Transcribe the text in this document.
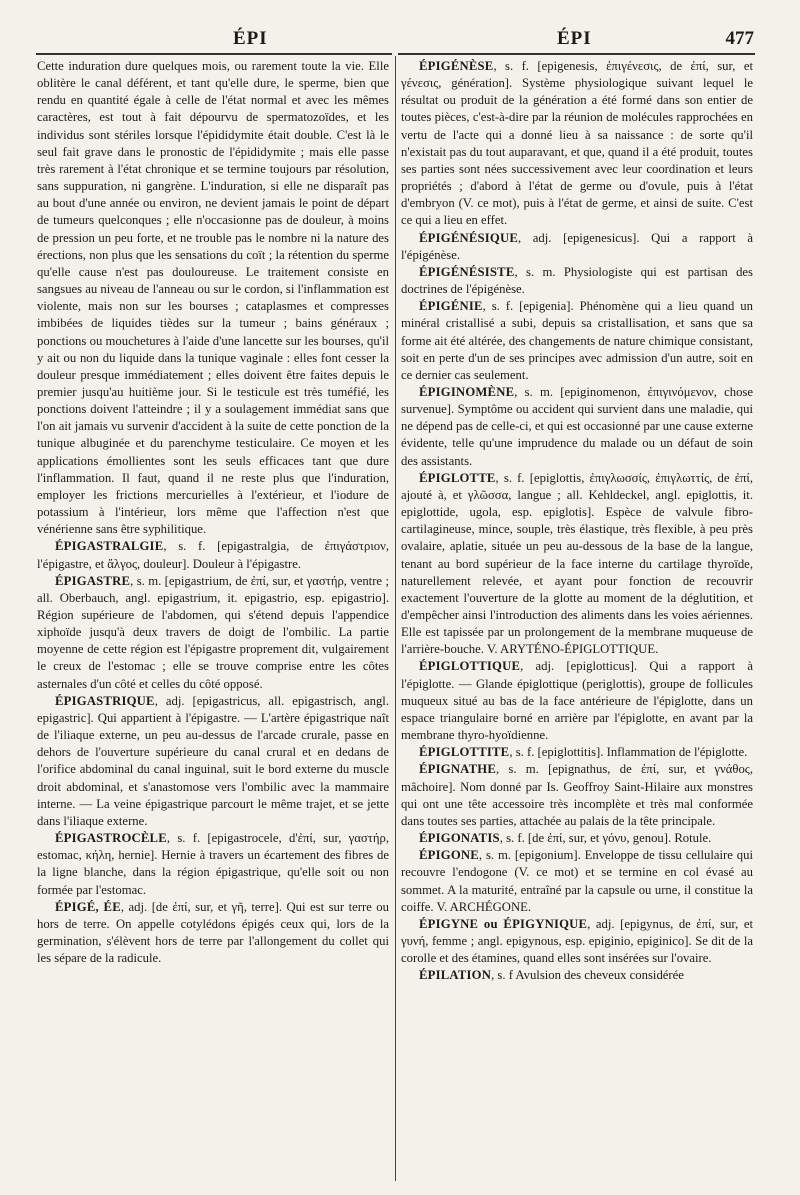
ÉPI	ÉPI	477

Cette induration dure quelques mois, ou rarement toute la vie. Elle oblitère le canal déférent, et tant qu'elle dure, le sperme, bien que rendu en quantité égale à celle de l'état normal et avec les mêmes caractères, est tout à fait dépourvu de spermatozoïdes, et les individus sont stériles lorsque l'épididymite était double. C'est là le seul fait grave dans le pronostic de l'épididymite ; mais elle passe très rarement à l'état chronique et se termine toujours par résolution, sans suppuration, ni gangrène. L'induration, si elle ne disparaît pas au bout d'une année ou environ, ne devient jamais le point de départ de tumeurs quelconques ; elle n'occasionne pas de douleur, à moins de pression un peu forte, et ne trouble pas le nombre ni la nature des érections, non plus que les sensations du coït ; la rétention du sperme qu'elle cause n'est pas douloureuse. Le traitement consiste en sangsues au niveau de l'anneau ou sur le cordon, si l'inflammation est violente, mais non sur les bourses ; cataplasmes et compresses imbibées de liquides tièdes sur la tumeur ; bains généraux ; ponctions ou mouchetures à l'aide d'une lancette sur les bourses, qu'il y ait ou non du liquide dans la tunique vaginale : elles font cesser la douleur presque immédiatement ; elles doivent être faites depuis le premier jusqu'au huitième jour. Si le testicule est très tuméfié, les ponctions doivent l'atteindre ; il y a soulagement immédiat sans que l'on ait jamais vu survenir d'accident à la suite de cette ponction de la tunique albuginée et du parenchyme testiculaire. Ce moyen et les applications émollientes sont les seuls efficaces tant que dure l'inflammation. Il faut, quand il ne reste plus que l'induration, employer les frictions mercurielles à l'extérieur, et l'iodure de potassium à l'intérieur, lors même que l'affection n'est que vénérienne sans être syphilitique.

ÉPIGASTRALGIE, s. f. [epigastralgia, de ἐπιγάστριον, l'épigastre, et ἄλγος, douleur]. Douleur à l'épigastre.

ÉPIGASTRE, s. m. [epigastrium, de ἐπί, sur, et γαστήρ, ventre ; all. Oberbauch, angl. epigastrium, it. epigastrio, esp. epigastrio]. Région supérieure de l'abdomen, qui s'étend depuis l'appendice xiphoïde jusqu'à deux travers de doigt de l'ombilic. La partie moyenne de cette région est l'épigastre proprement dit, vulgairement le creux de l'estomac ; elle se trouve comprise entre les côtes asternales d'un côté et celles du côté opposé.

ÉPIGASTRIQUE, adj. [epigastricus, all. epigastrisch, angl. epigastric]. Qui appartient à l'épigastre. — L'artère épigastrique naît de l'iliaque externe, un peu au-dessus de l'arcade crurale, passe en dehors de l'ouverture supérieure du canal crural et en dedans de l'orifice abdominal du canal inguinal, suit le bord externe du muscle droit abdominal, et s'anastomose vers l'ombilic avec la mammaire interne. — La veine épigastrique parcourt le même trajet, et se jette dans l'iliaque externe.

ÉPIGASTROCÈLE, s. f. [epigastrocele, d'ἐπί, sur, γαστήρ, estomac, κήλη, hernie]. Hernie à travers un écartement des fibres de la ligne blanche, dans la région épigastrique, qu'elle soit ou non formée par l'estomac.

ÉPIGÉ, ÉE, adj. [de ἐπί, sur, et γῆ, terre]. Qui est sur terre ou hors de terre. On appelle cotylédons épigés ceux qui, lors de la germination, s'élèvent hors de terre par l'allongement du collet qui les sépare de la radicule.

ÉPIGÉNÈSE, s. f. [epigenesis, ἐπιγένεσις, de ἐπί, sur, et γένεσις, génération]. Système physiologique suivant lequel le résultat ou produit de la génération a été formé dans son entier de toutes pièces, c'est-à-dire par la réunion de molécules rapprochées en vertu de l'acte qui a donné lieu à sa naissance : de sorte qu'il n'existait pas du tout auparavant, et que, quand il a été produit, toutes ses parties sont nées successivement avec leur coordination et leurs propriétés ; d'abord à l'état de germe ou d'ovule, puis à l'état d'embryon (V. ce mot), puis à l'état de germe, et ainsi de suite. C'est ce qui a lieu en effet.

ÉPIGÉNÉSIQUE, adj. [epigenesicus]. Qui a rapport à l'épigénèse.

ÉPIGÉNÉSISTE, s. m. Physiologiste qui est partisan des doctrines de l'épigénèse.

ÉPIGÉNIE, s. f. [epigenia]. Phénomène qui a lieu quand un minéral cristallisé a subi, depuis sa cristallisation, et sans que sa forme ait été altérée, des changements de nature chimique consistant, soit en perte d'un de ses principes avec admission d'un autre, soit en ce dernier cas seulement.

ÉPIGINOMÈNE, s. m. [epiginomenon, ἐπιγινόμενον, chose survenue]. Symptôme ou accident qui survient dans une maladie, qui ne dépend pas de celle-ci, et qui est occasionné par une cause externe évidente, telle qu'une imprudence du malade ou un défaut de soin des assistants.

ÉPIGLOTTE, s. f. [epiglottis, ἐπιγλωσσίς, ἐπιγλωττίς, de ἐπί, ajouté à, et γλῶσσα, langue ; all. Kehldeckel, angl. epiglottis, it. epiglottide, ugola, esp. epiglotis]. Espèce de valvule fibro-cartilagineuse, mince, souple, très élastique, très flexible, à peu près ovalaire, aplatie, située un peu au-dessous de la base de la langue, tenant au bord supérieur de la face interne du cartilage thyroïde, naturellement relevée, et ayant pour fonction de recouvrir exactement l'ouverture de la glotte au moment de la déglutition, et d'empêcher ainsi l'introduction des aliments dans les voies aériennes. Elle est tapissée par un prolongement de la membrane muqueuse de l'arrière-bouche. V. ARYTÉNO-ÉPIGLOTTIQUE.

ÉPIGLOTTIQUE, adj. [epiglotticus]. Qui a rapport à l'épiglotte. — Glande épiglottique (periglottis), groupe de follicules muqueux situé au bas de la face antérieure de l'épiglotte, dans un espace triangulaire borné en arrière par l'épiglotte, en avant par la membrane thyro-hyoïdienne.

ÉPIGLOTTITE, s. f. [epiglottitis]. Inflammation de l'épiglotte.

ÉPIGNATHE, s. m. [epignathus, de ἐπί, sur, et γνάθος, mâchoire]. Nom donné par Is. Geoffroy Saint-Hilaire aux monstres qui ont une tête accessoire très incomplète et très mal conformée dans toutes ses parties, attachée au palais de la tête principale.

ÉPIGONATIS, s. f. [de ἐπί, sur, et γόνυ, genou]. Rotule.

ÉPIGONE, s. m. [epigonium]. Enveloppe de tissu cellulaire qui recouvre l'endogone (V. ce mot) et se termine en col évasé au sommet. A la maturité, entraîné par la capsule ou urne, il constitue la coiffe. V. ARCHÉGONE.

ÉPIGYNE ou ÉPIGYNIQUE, adj. [epigynus, de ἐπί, sur, et γυνή, femme ; angl. epigynous, esp. epiginio, epiginico]. Se dit de la corolle et des étamines, quand elles sont insérées sur l'ovaire.

ÉPILATION, s. f Avulsion des cheveux considérée
